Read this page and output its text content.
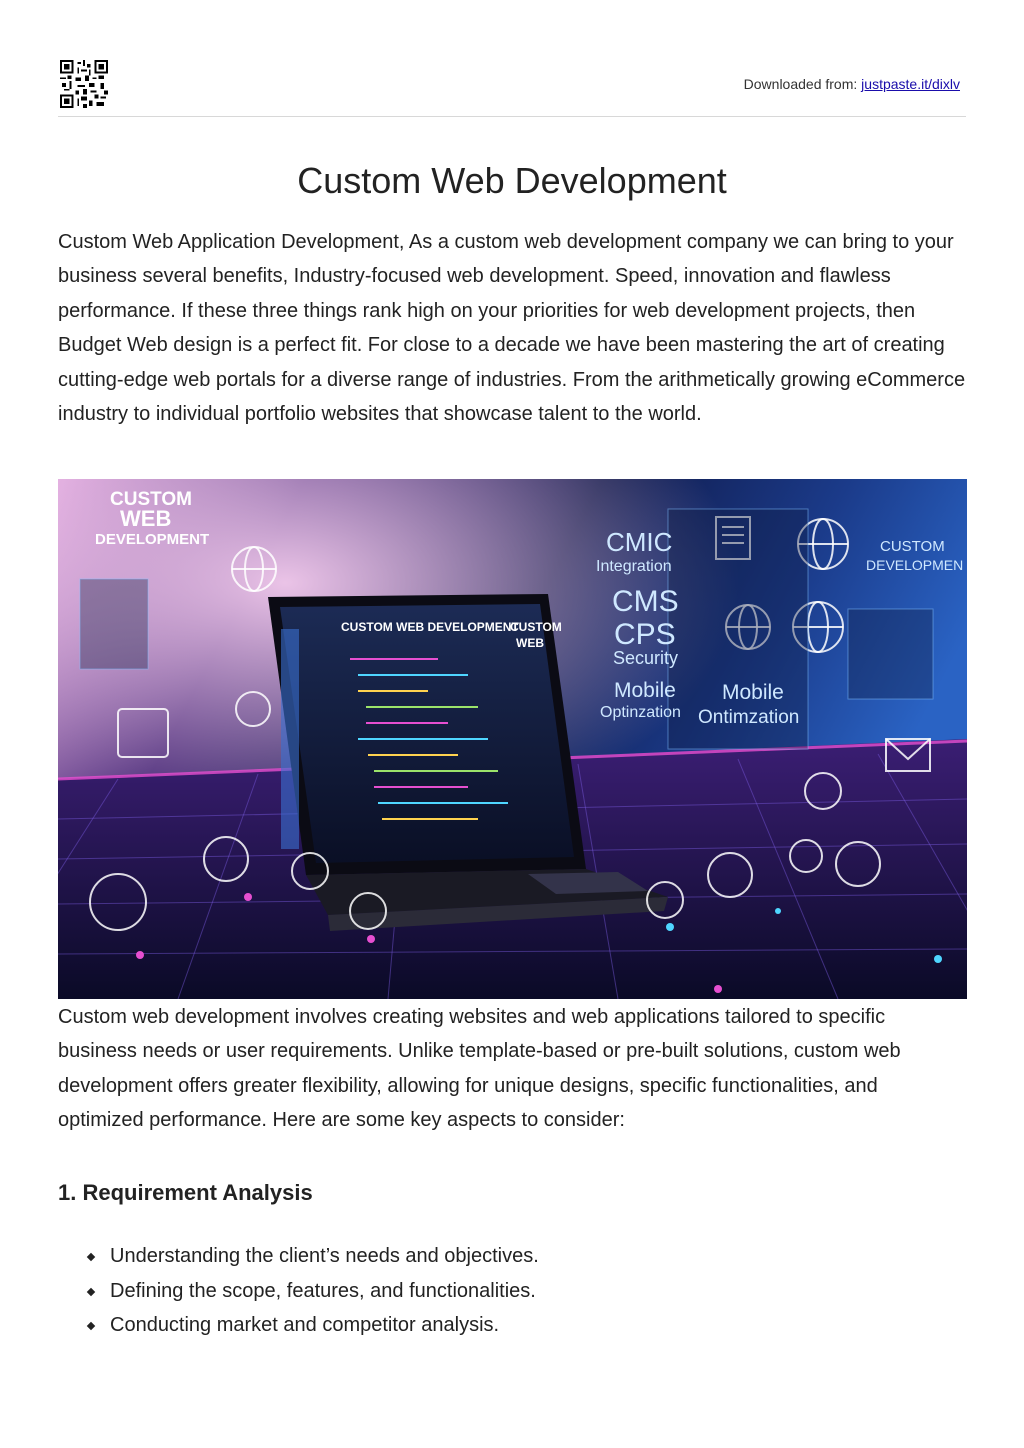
Downloaded from: justpaste.it/dixlv
Custom Web Development

Custom Web Application Development, As a custom web development company we can bring to your business several benefits, Industry-focused web development. Speed, innovation and flawless performance. If these three things rank high on your priorities for web development projects, then Budget Web design is a perfect fit. For close to a decade we have been mastering the art of creating cutting-edge web portals for a diverse range of industries. From the arithmetically growing eCommerce industry to individual portfolio websites that showcase talent to the world.

CUSTOM
WEB
DEVELOPMENT	CMIC
Integration
CMS
CPS
Security
Mobile
Optinzation
Mobile
Ontimzation
CUSTOM
DEVELOPMEN
CUSTOM WEB DEVELOPMENT
CUSTOM
WEB

Custom web development involves creating websites and web applications tailored to specific business needs or user requirements. Unlike template-based or pre-built solutions, custom web development offers greater flexibility, allowing for unique designs, specific functionalities, and optimized performance. Here are some key aspects to consider:

1. Requirement Analysis
Understanding the client’s needs and objectives.
Defining the scope, features, and functionalities.
Conducting market and competitor analysis.
